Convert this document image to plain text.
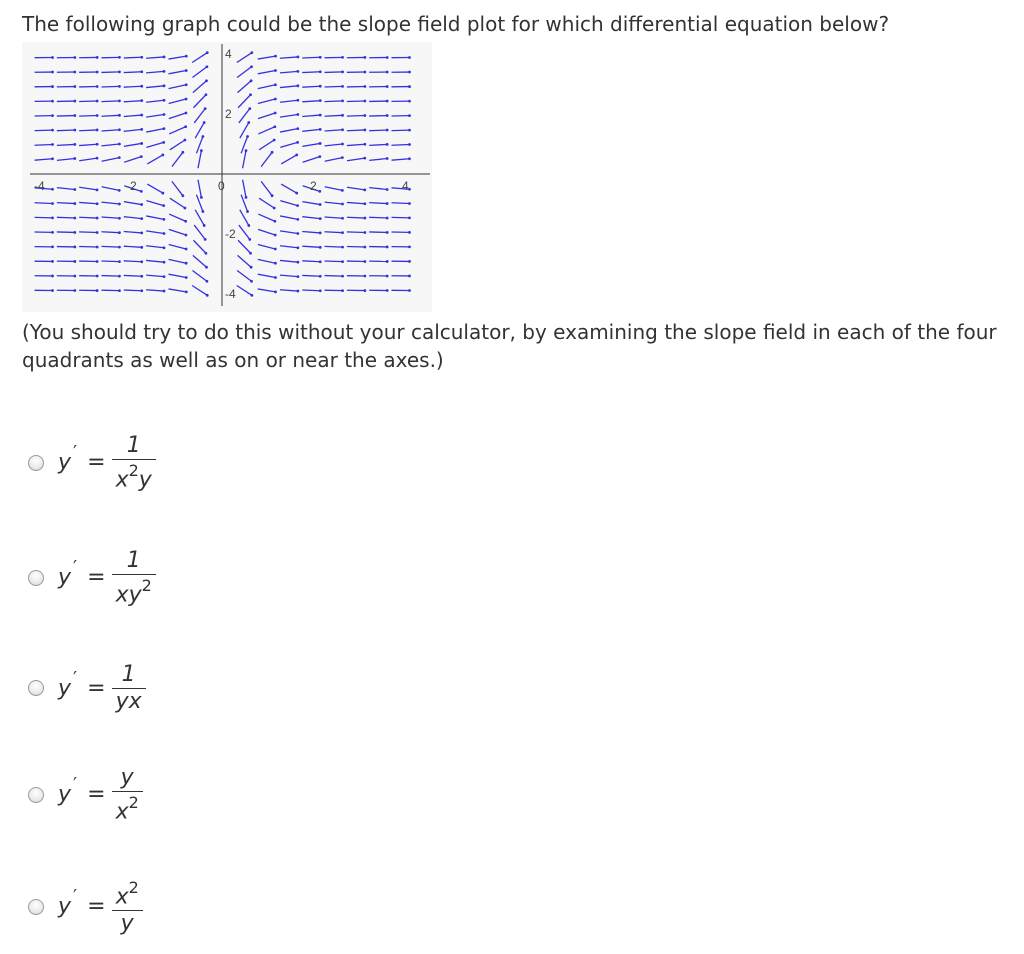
The following graph could be the slope field plot for which differential equation below?

-4	-2	0	2	4
4
2
-2
-4
(You should try to do this without your calculator, by examining the slope field in each of the four quadrants as well as on or near the axes.)
y ′ = $\frac{1}{x^2y}$
y ′ = $\frac{1}{xy^2}$
y ′ = $\frac{1}{yx}$
y ′ = $\frac{y}{x^2}$
y ′ = $\frac{x^2}{y}$
